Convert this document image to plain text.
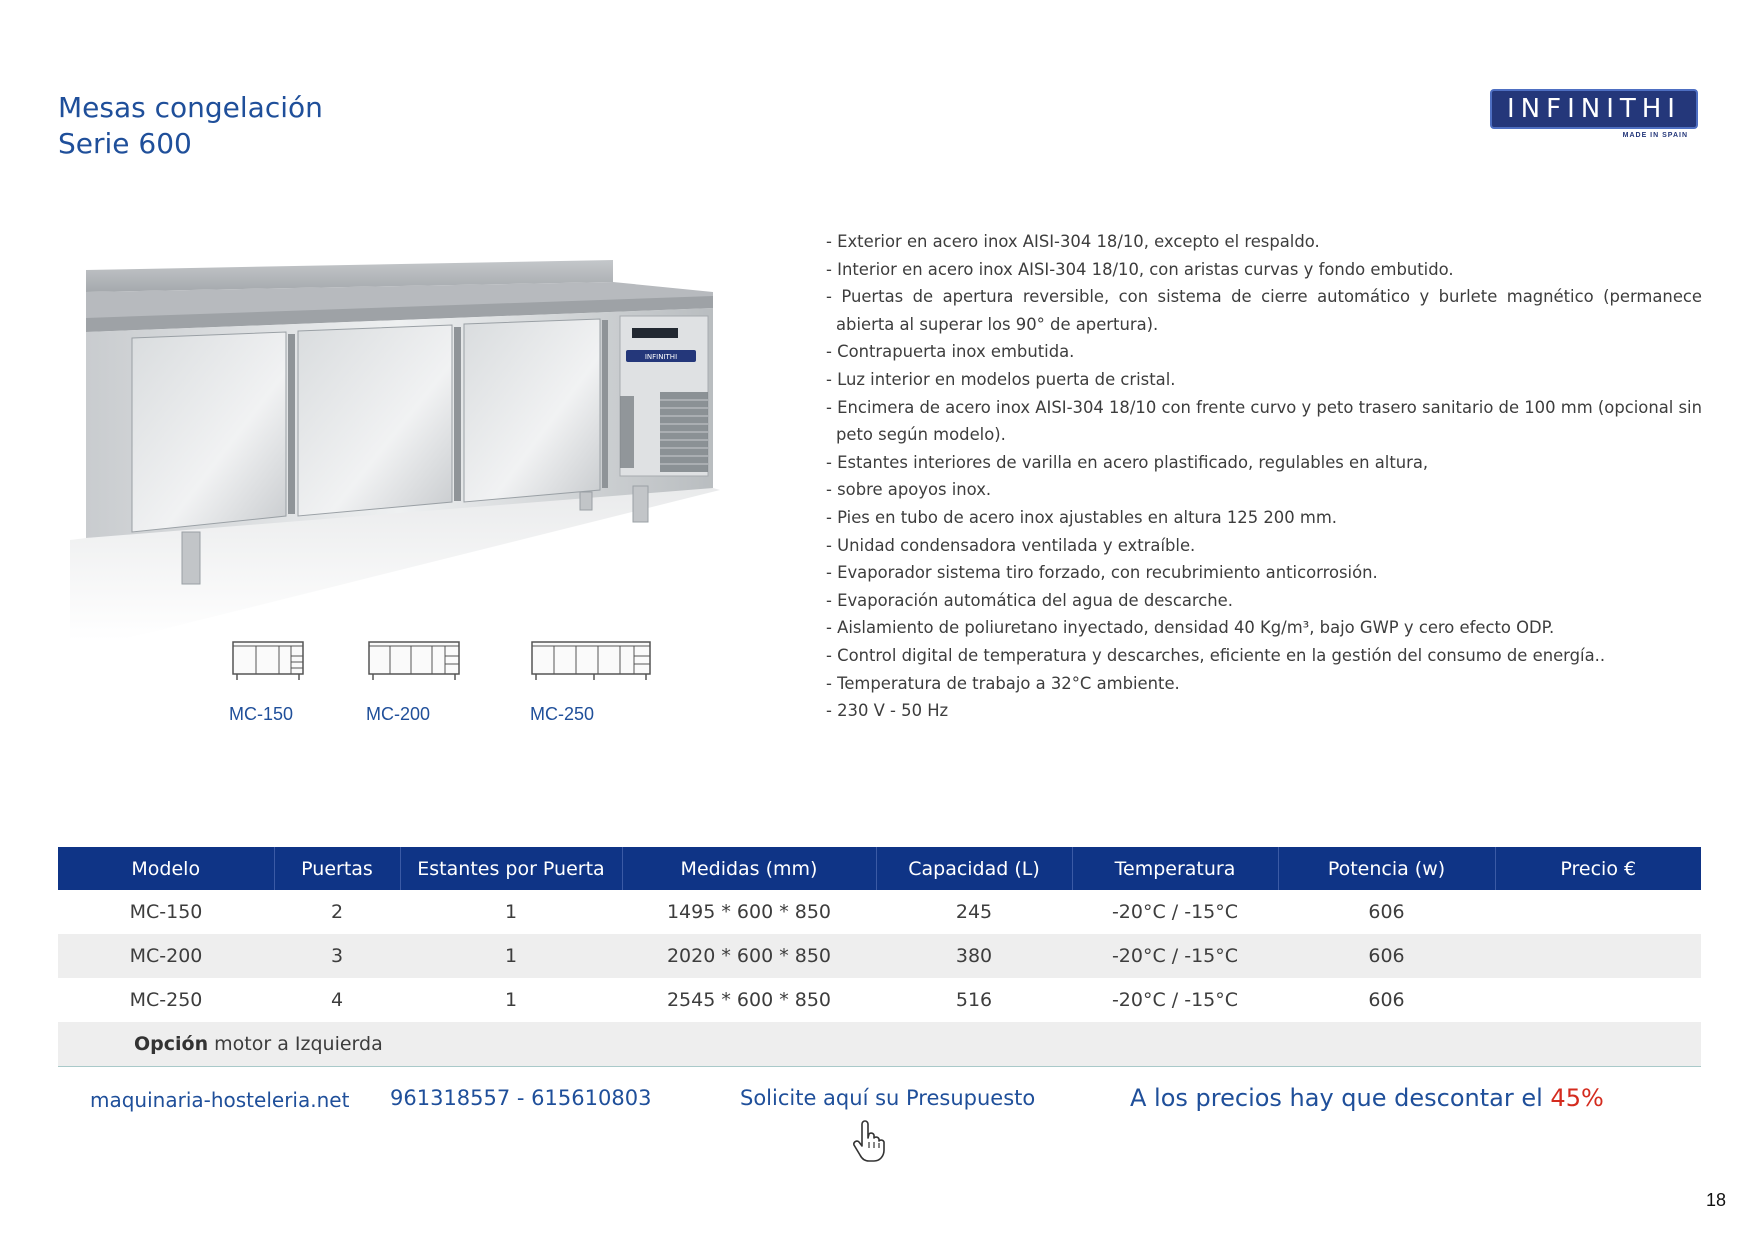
Mesas congelación
Serie 600
INFINITHI
MADE IN SPAIN
INFINITHI
MC-150	MC-200	MC-250
- Exterior en acero inox AISI-304 18/10, excepto el respaldo.
- Interior en acero inox AISI-304 18/10, con aristas curvas y fondo embutido.
- Puertas de apertura reversible, con sistema de cierre automático y burlete magnético (permanece abierta al superar los 90° de apertura).
- Contrapuerta inox embutida.
- Luz interior en modelos puerta de cristal.
- Encimera de acero inox AISI-304 18/10 con frente curvo y peto trasero sanitario de 100 mm (opcional sin peto según modelo).
- Estantes interiores de varilla en acero plastificado, regulables en altura,
- sobre apoyos inox.
- Pies en tubo de acero inox ajustables en altura 125 200 mm.
- Unidad condensadora ventilada y extraíble.
- Evaporador sistema tiro forzado, con recubrimiento anticorrosión.
- Evaporación automática del agua de descarche.
- Aislamiento de poliuretano inyectado, densidad 40 Kg/m³, bajo GWP y cero efecto ODP.
- Control digital de temperatura y descarches, eficiente en la gestión del consumo de energía..
- Temperatura de trabajo a 32°C ambiente.
- 230 V - 50 Hz
Modelo	Puertas	Estantes por Puerta	Medidas (mm)	Capacidad (L)	Temperatura	Potencia (w)	Precio €
MC-150	2	1	1495 * 600 * 850	245	-20°C / -15°C	606	
MC-200	3	1	2020 * 600 * 850	380	-20°C / -15°C	606	
MC-250	4	1	2545 * 600 * 850	516	-20°C / -15°C	606	
Opción motor a Izquierda							
maquinaria-hosteleria.net 961318557 - 615610803	Solicite aquí su Presupuesto	A los precios hay que descontar el 45%
18
